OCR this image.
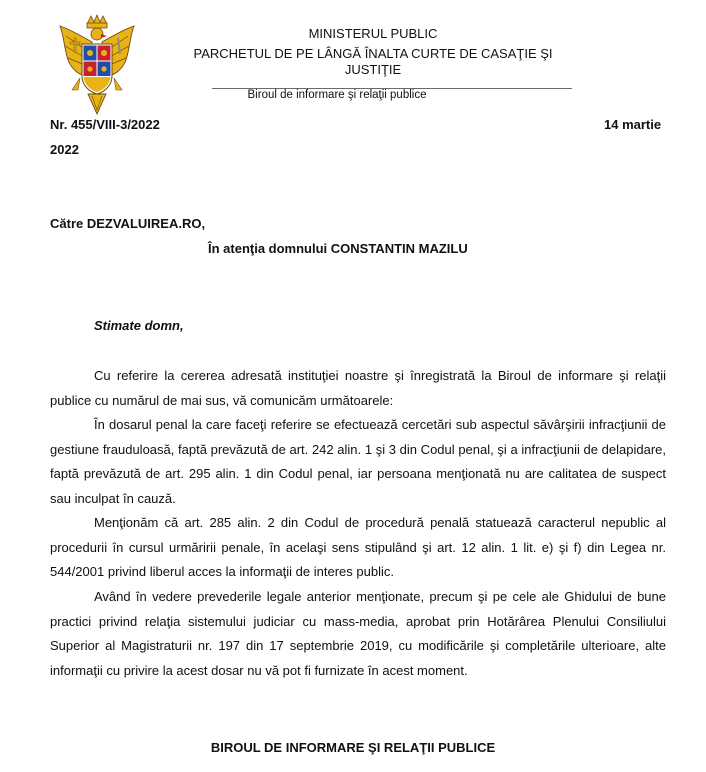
MINISTERUL PUBLIC
PARCHETUL DE PE LÂNGĂ ÎNALTA CURTE DE CASAŢIE ŞI
JUSTIŢIE
Biroul de informare şi relaţii publice
Nr. 455/VIII-3/2022	14 martie
2022
Către DEZVALUIREA.RO,
În atenţia domnului CONSTANTIN MAZILU
Stimate domn,

Cu referire la cererea adresată instituţiei noastre şi înregistrată la Biroul de informare şi relaţii publice cu numărul de mai sus, vă comunicăm următoarele:

În dosarul penal la care faceţi referire se efectuează cercetări sub aspectul săvârşirii infracţiunii de gestiune frauduloasă, faptă prevăzută de art. 242 alin. 1 şi 3 din Codul penal, şi a infracţiunii de delapidare, faptă prevăzută de art. 295 alin. 1 din Codul penal, iar persoana menţionată nu are calitatea de suspect sau inculpat în cauză.

Menţionăm că art. 285 alin. 2 din Codul de procedură penală statuează caracterul nepublic al procedurii în cursul urmăririi penale, în acelaşi sens stipulând şi art. 12 alin. 1 lit. e) şi f) din Legea nr. 544/2001 privind liberul acces la informaţii de interes public.

Având în vedere prevederile legale anterior menţionate, precum şi pe cele ale Ghidului de bune practici privind relaţia sistemului judiciar cu mass-media, aprobat prin Hotărârea Plenului Consiliului Superior al Magistraturii nr. 197 din 17 septembrie 2019, cu modificările şi completările ulterioare, alte informaţii cu privire la acest dosar nu vă pot fi furnizate în acest moment.

BIROUL DE INFORMARE ŞI RELAŢII PUBLICE
